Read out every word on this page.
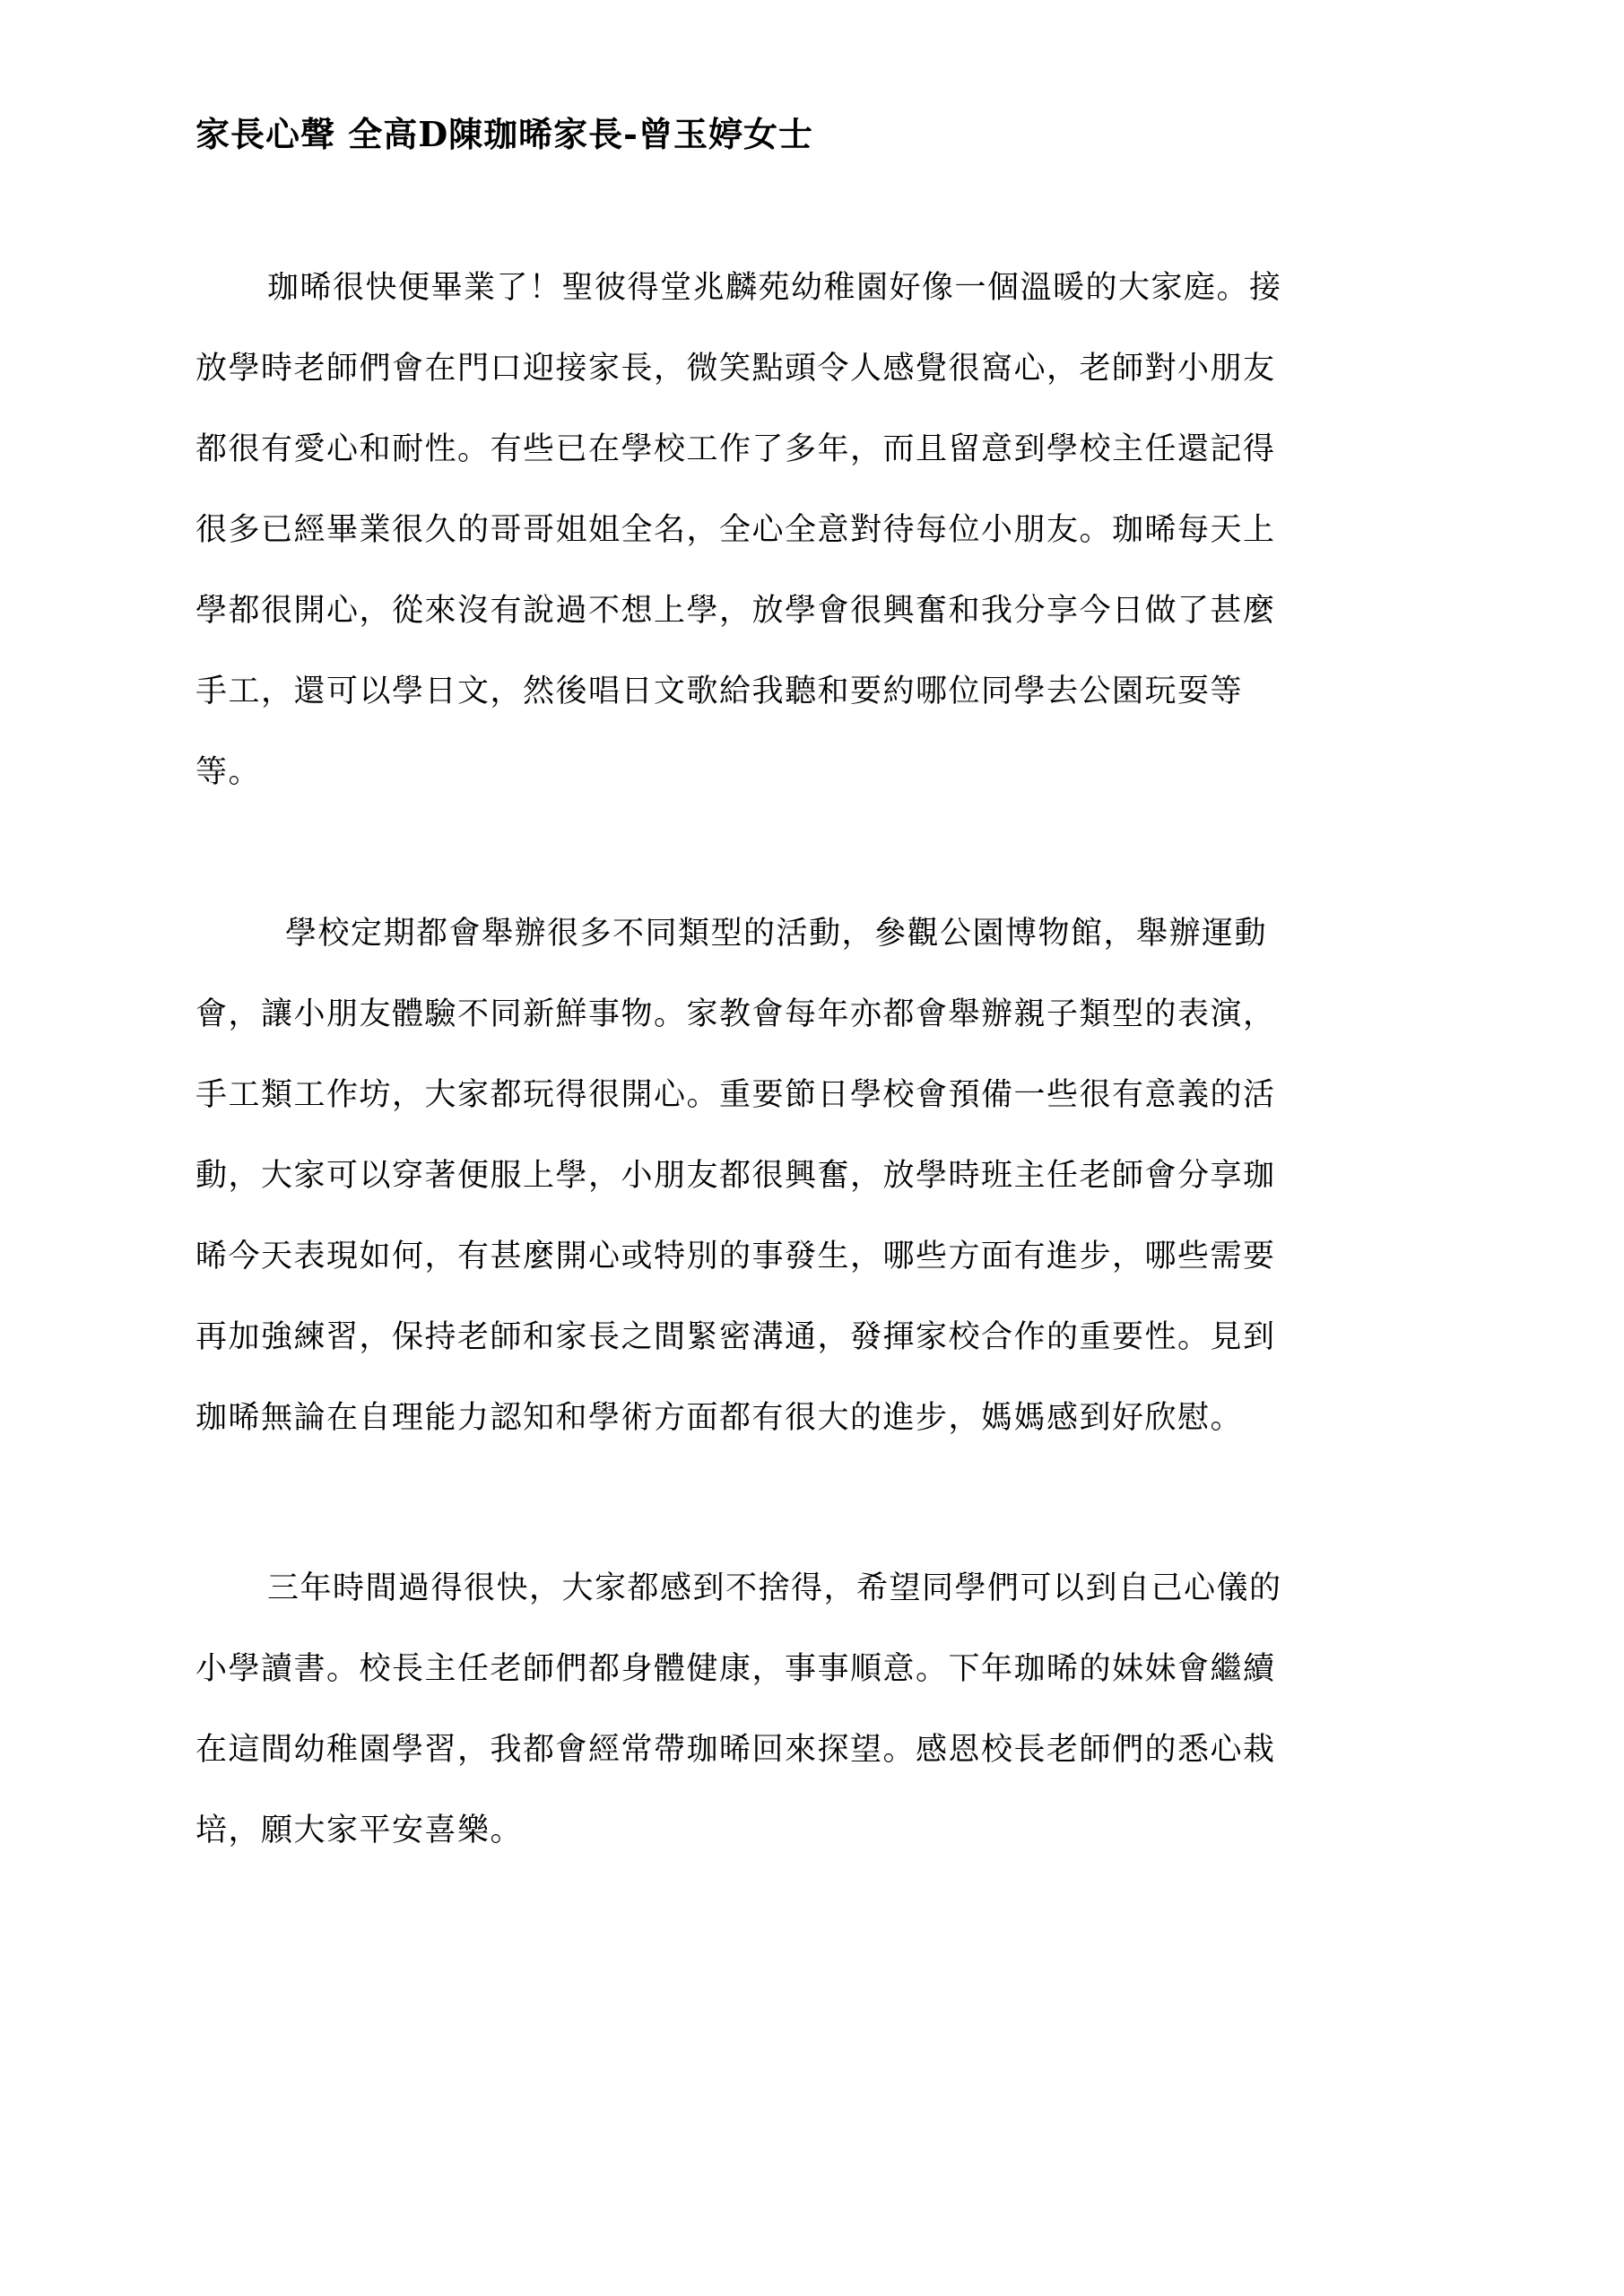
家長心聲 全高D陳珈晞家長-曾玉婷女士
珈晞很快便畢業了！聖彼得堂兆麟苑幼稚園好像一個溫暖的大家庭。接
放學時老師們會在門口迎接家長，微笑點頭令人感覺很窩心，老師對小朋友
都很有愛心和耐性。有些已在學校工作了多年，而且留意到學校主任還記得
很多已經畢業很久的哥哥姐姐全名，全心全意對待每位小朋友。珈晞每天上
學都很開心，從來沒有說過不想上學，放學會很興奮和我分享今日做了甚麼
手工，還可以學日文，然後唱日文歌給我聽和要約哪位同學去公園玩耍等
等。
學校定期都會舉辦很多不同類型的活動，參觀公園博物館，舉辦運動
會，讓小朋友體驗不同新鮮事物。家教會每年亦都會舉辦親子類型的表演，
手工類工作坊，大家都玩得很開心。重要節日學校會預備一些很有意義的活
動，大家可以穿著便服上學，小朋友都很興奮，放學時班主任老師會分享珈
晞今天表現如何，有甚麼開心或特別的事發生，哪些方面有進步，哪些需要
再加強練習，保持老師和家長之間緊密溝通，發揮家校合作的重要性。見到
珈晞無論在自理能力認知和學術方面都有很大的進步，媽媽感到好欣慰。
三年時間過得很快，大家都感到不捨得，希望同學們可以到自己心儀的
小學讀書。校長主任老師們都身體健康，事事順意。下年珈晞的妹妹會繼續
在這間幼稚園學習，我都會經常帶珈晞回來探望。感恩校長老師們的悉心栽
培，願大家平安喜樂。
